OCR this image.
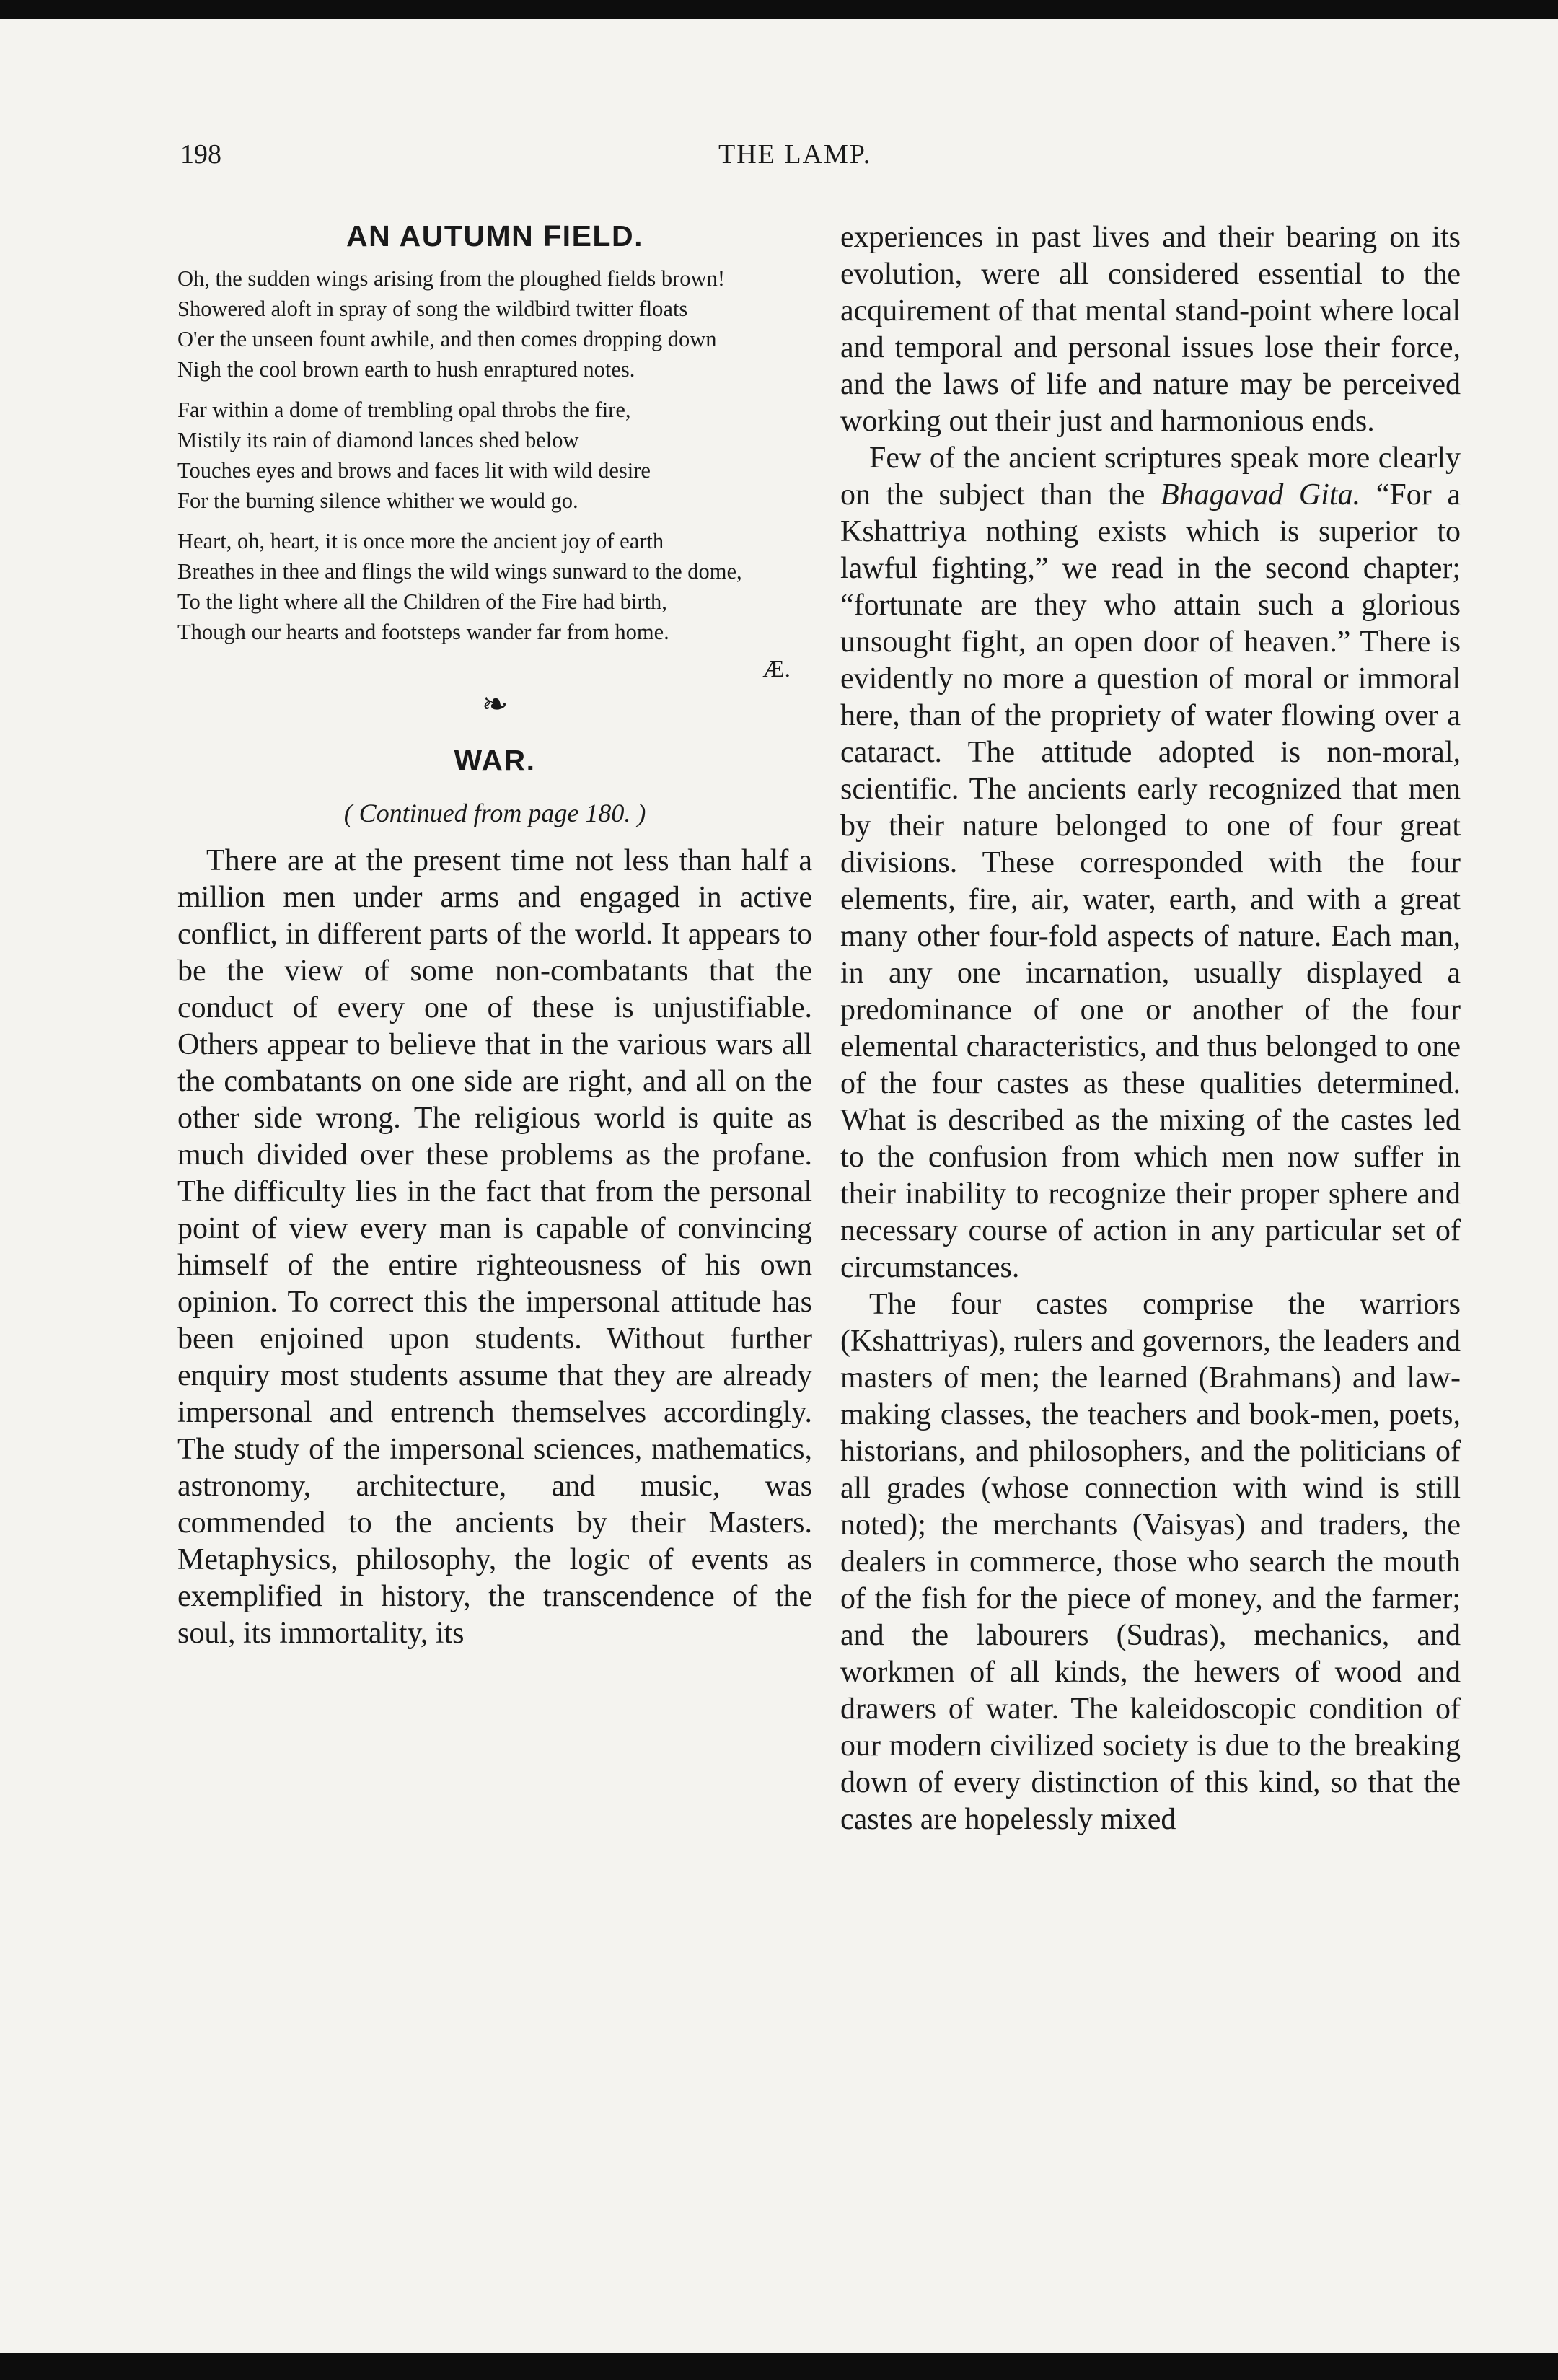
198	THE LAMP.
AN AUTUMN FIELD.
Oh, the sudden wings arising from the ploughed fields brown!
Showered aloft in spray of song the wildbird twitter floats
O'er the unseen fount awhile, and then comes dropping down
Nigh the cool brown earth to hush enraptured notes.
Far within a dome of trembling opal throbs the fire,
Mistily its rain of diamond lances shed below
Touches eyes and brows and faces lit with wild desire
For the burning silence whither we would go.
Heart, oh, heart, it is once more the ancient joy of earth
Breathes in thee and flings the wild wings sunward to the dome,
To the light where all the Children of the Fire had birth,
Though our hearts and footsteps wander far from home.
Æ.
❧
WAR.
( Continued from page 180. )

There are at the present time not less than half a million men under arms and engaged in active conflict, in different parts of the world. It appears to be the view of some non-combatants that the conduct of every one of these is unjustifiable. Others appear to believe that in the various wars all the combatants on one side are right, and all on the other side wrong. The religious world is quite as much divided over these problems as the profane. The difficulty lies in the fact that from the personal point of view every man is capable of convincing himself of the entire righteousness of his own opinion. To correct this the impersonal attitude has been enjoined upon students. Without further enquiry most students assume that they are already impersonal and entrench themselves accordingly. The study of the impersonal sciences, mathematics, astronomy, architecture, and music, was commended to the ancients by their Masters. Metaphysics, philosophy, the logic of events as exemplified in history, the transcendence of the soul, its immortality, its

experiences in past lives and their bearing on its evolution, were all considered essential to the acquirement of that mental stand-point where local and temporal and personal issues lose their force, and the laws of life and nature may be perceived working out their just and harmonious ends.

Few of the ancient scriptures speak more clearly on the subject than the Bhagavad Gita. “For a Kshattriya nothing exists which is superior to lawful fighting,” we read in the second chapter; “fortunate are they who attain such a glorious unsought fight, an open door of heaven.” There is evidently no more a question of moral or immoral here, than of the propriety of water flowing over a cataract. The attitude adopted is non-moral, scientific. The ancients early recognized that men by their nature belonged to one of four great divisions. These corresponded with the four elements, fire, air, water, earth, and with a great many other four-fold aspects of nature. Each man, in any one incarnation, usually displayed a predominance of one or another of the four elemental characteristics, and thus belonged to one of the four castes as these qualities determined. What is described as the mixing of the castes led to the confusion from which men now suffer in their inability to recognize their proper sphere and necessary course of action in any particular set of circumstances.

The four castes comprise the warriors (Kshattriyas), rulers and governors, the leaders and masters of men; the learned (Brahmans) and law-making classes, the teachers and book-men, poets, historians, and philosophers, and the politicians of all grades (whose connection with wind is still noted); the merchants (Vaisyas) and traders, the dealers in commerce, those who search the mouth of the fish for the piece of money, and the farmer; and the labourers (Sudras), mechanics, and workmen of all kinds, the hewers of wood and drawers of water. The kaleidoscopic condition of our modern civilized society is due to the breaking down of every distinction of this kind, so that the castes are hopelessly mixed
